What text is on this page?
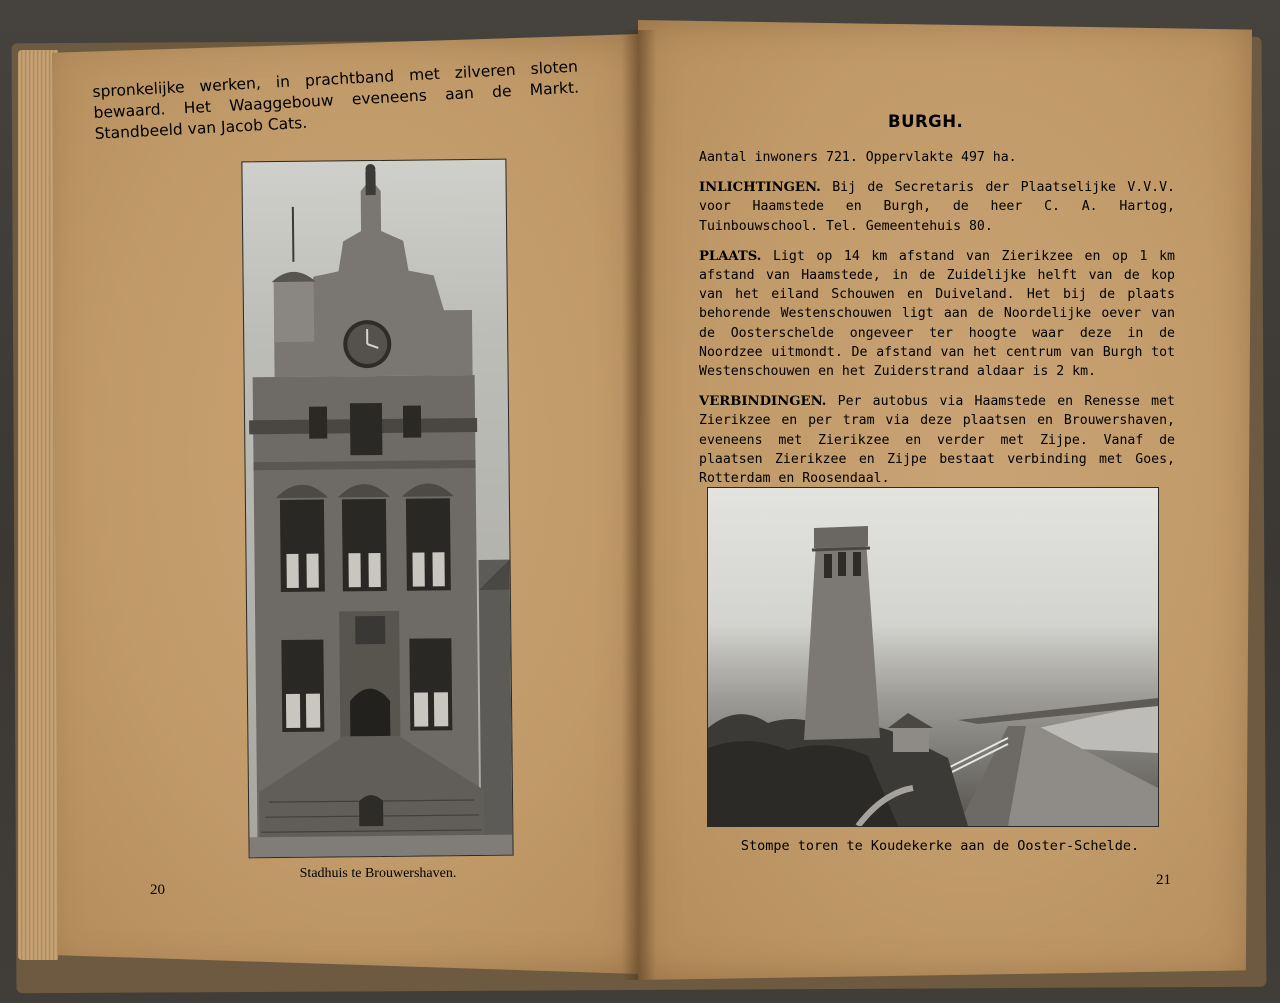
spronkelijke werken, in prachtband met zilveren sloten bewaard. Het Waaggebouw eveneens aan de Markt. Standbeeld van Jacob Cats.
Stadhuis te Brouwershaven.
20
BURGH.

Aantal inwoners 721. Oppervlakte 497 ha.

INLICHTINGEN. Bij de Secretaris der Plaatselijke V.V.V. voor Haamstede en Burgh, de heer C. A. Hartog, Tuinbouwschool. Tel. Gemeentehuis 80.

PLAATS. Ligt op 14 km afstand van Zierikzee en op 1 km afstand van Haamstede, in de Zuidelijke helft van de kop van het eiland Schouwen en Duiveland. Het bij de plaats behorende Westenschouwen ligt aan de Noordelijke oever van de Oosterschelde ongeveer ter hoogte waar deze in de Noordzee uitmondt. De afstand van het centrum van Burgh tot Westenschouwen en het Zuiderstrand aldaar is 2 km.

VERBINDINGEN. Per autobus via Haamstede en Renesse met Zierikzee en per tram via deze plaatsen en Brouwershaven, eveneens met Zierikzee en verder met Zijpe. Vanaf de plaatsen Zierikzee en Zijpe bestaat verbinding met Goes, Rotterdam en Roosendaal.

Stompe toren te Koudekerke aan de Ooster-Schelde.
21
